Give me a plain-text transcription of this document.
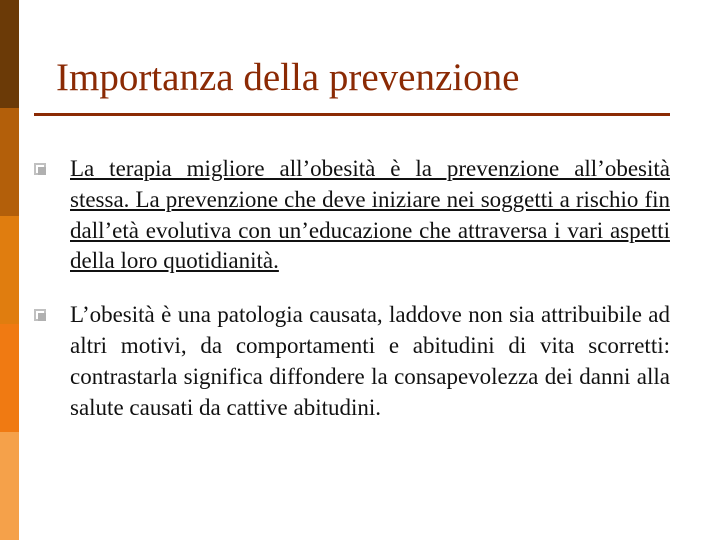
Importanza della prevenzione

La terapia migliore all’obesità è la prevenzione all’obesità stessa. La prevenzione che deve iniziare nei soggetti a rischio fin dall’età evolutiva con un’educazione che attraversa i vari aspetti della loro quotidianità.

L’obesità è una patologia causata, laddove non sia attribuibile ad altri motivi, da comportamenti e abitudini di vita scorretti: contrastarla significa diffondere la consapevolezza dei danni alla salute causati da cattive abitudini.
